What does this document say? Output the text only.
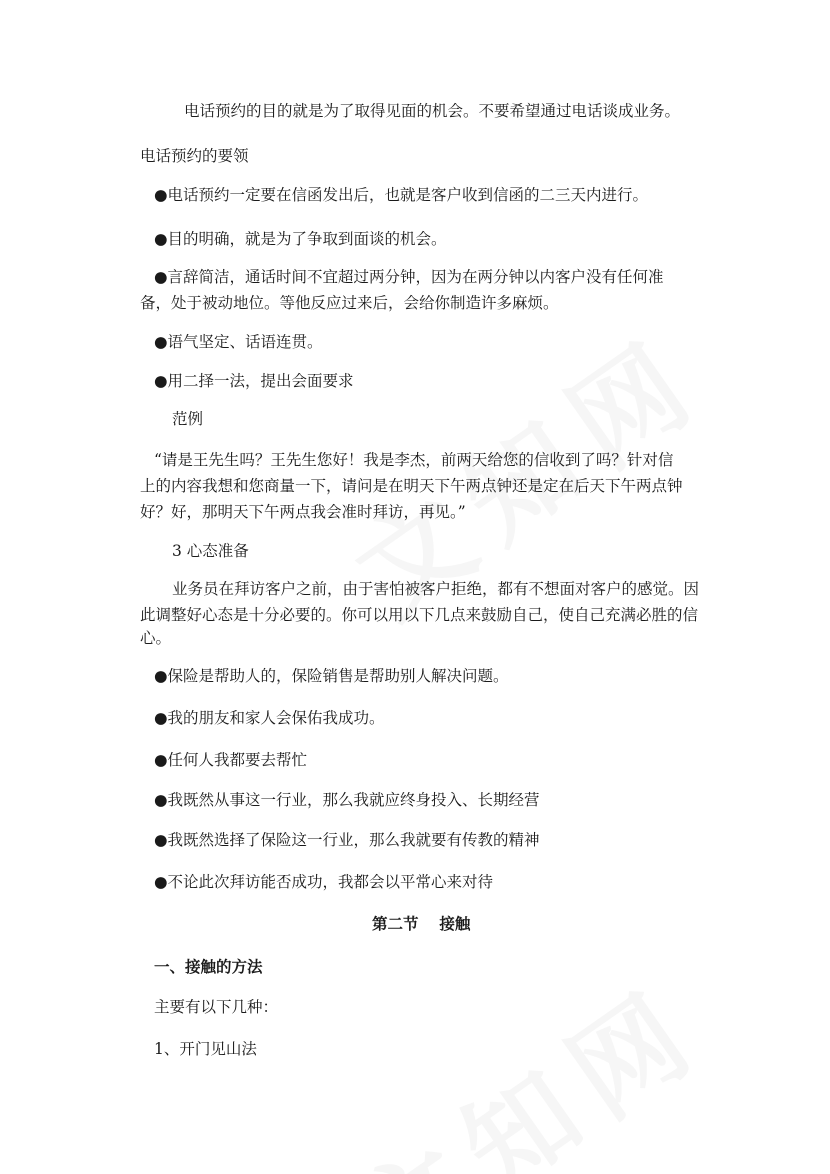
电话预约的目的就是为了取得见面的机会。不要希望通过电话谈成业务。
电话预约的要领
●电话预约一定要在信函发出后，也就是客户收到信函的二三天内进行。
●目的明确，就是为了争取到面谈的机会。
●言辞简洁，通话时间不宜超过两分钟，因为在两分钟以内客户没有任何准
备，处于被动地位。等他反应过来后，会给你制造许多麻烦。
●语气坚定、话语连贯。
●用二择一法，提出会面要求
范例
“请是王先生吗？王先生您好！我是李杰，前两天给您的信收到了吗？针对信
上的内容我想和您商量一下，请问是在明天下午两点钟还是定在后天下午两点钟
好？好，那明天下午两点我会准时拜访，再见。”
3 心态准备
业务员在拜访客户之前，由于害怕被客户拒绝，都有不想面对客户的感觉。因
此调整好心态是十分必要的。你可以用以下几点来鼓励自己，使自己充满必胜的信
心。
●保险是帮助人的，保险销售是帮助别人解决问题。
●我的朋友和家人会保佑我成功。
●任何人我都要去帮忙
●我既然从事这一行业，那么我就应终身投入、长期经营
●我既然选择了保险这一行业，那么我就要有传教的精神
●不论此次拜访能否成功，我都会以平常心来对待
第二节　 接触
一、接触的方法
主要有以下几种：
1、开门见山法
